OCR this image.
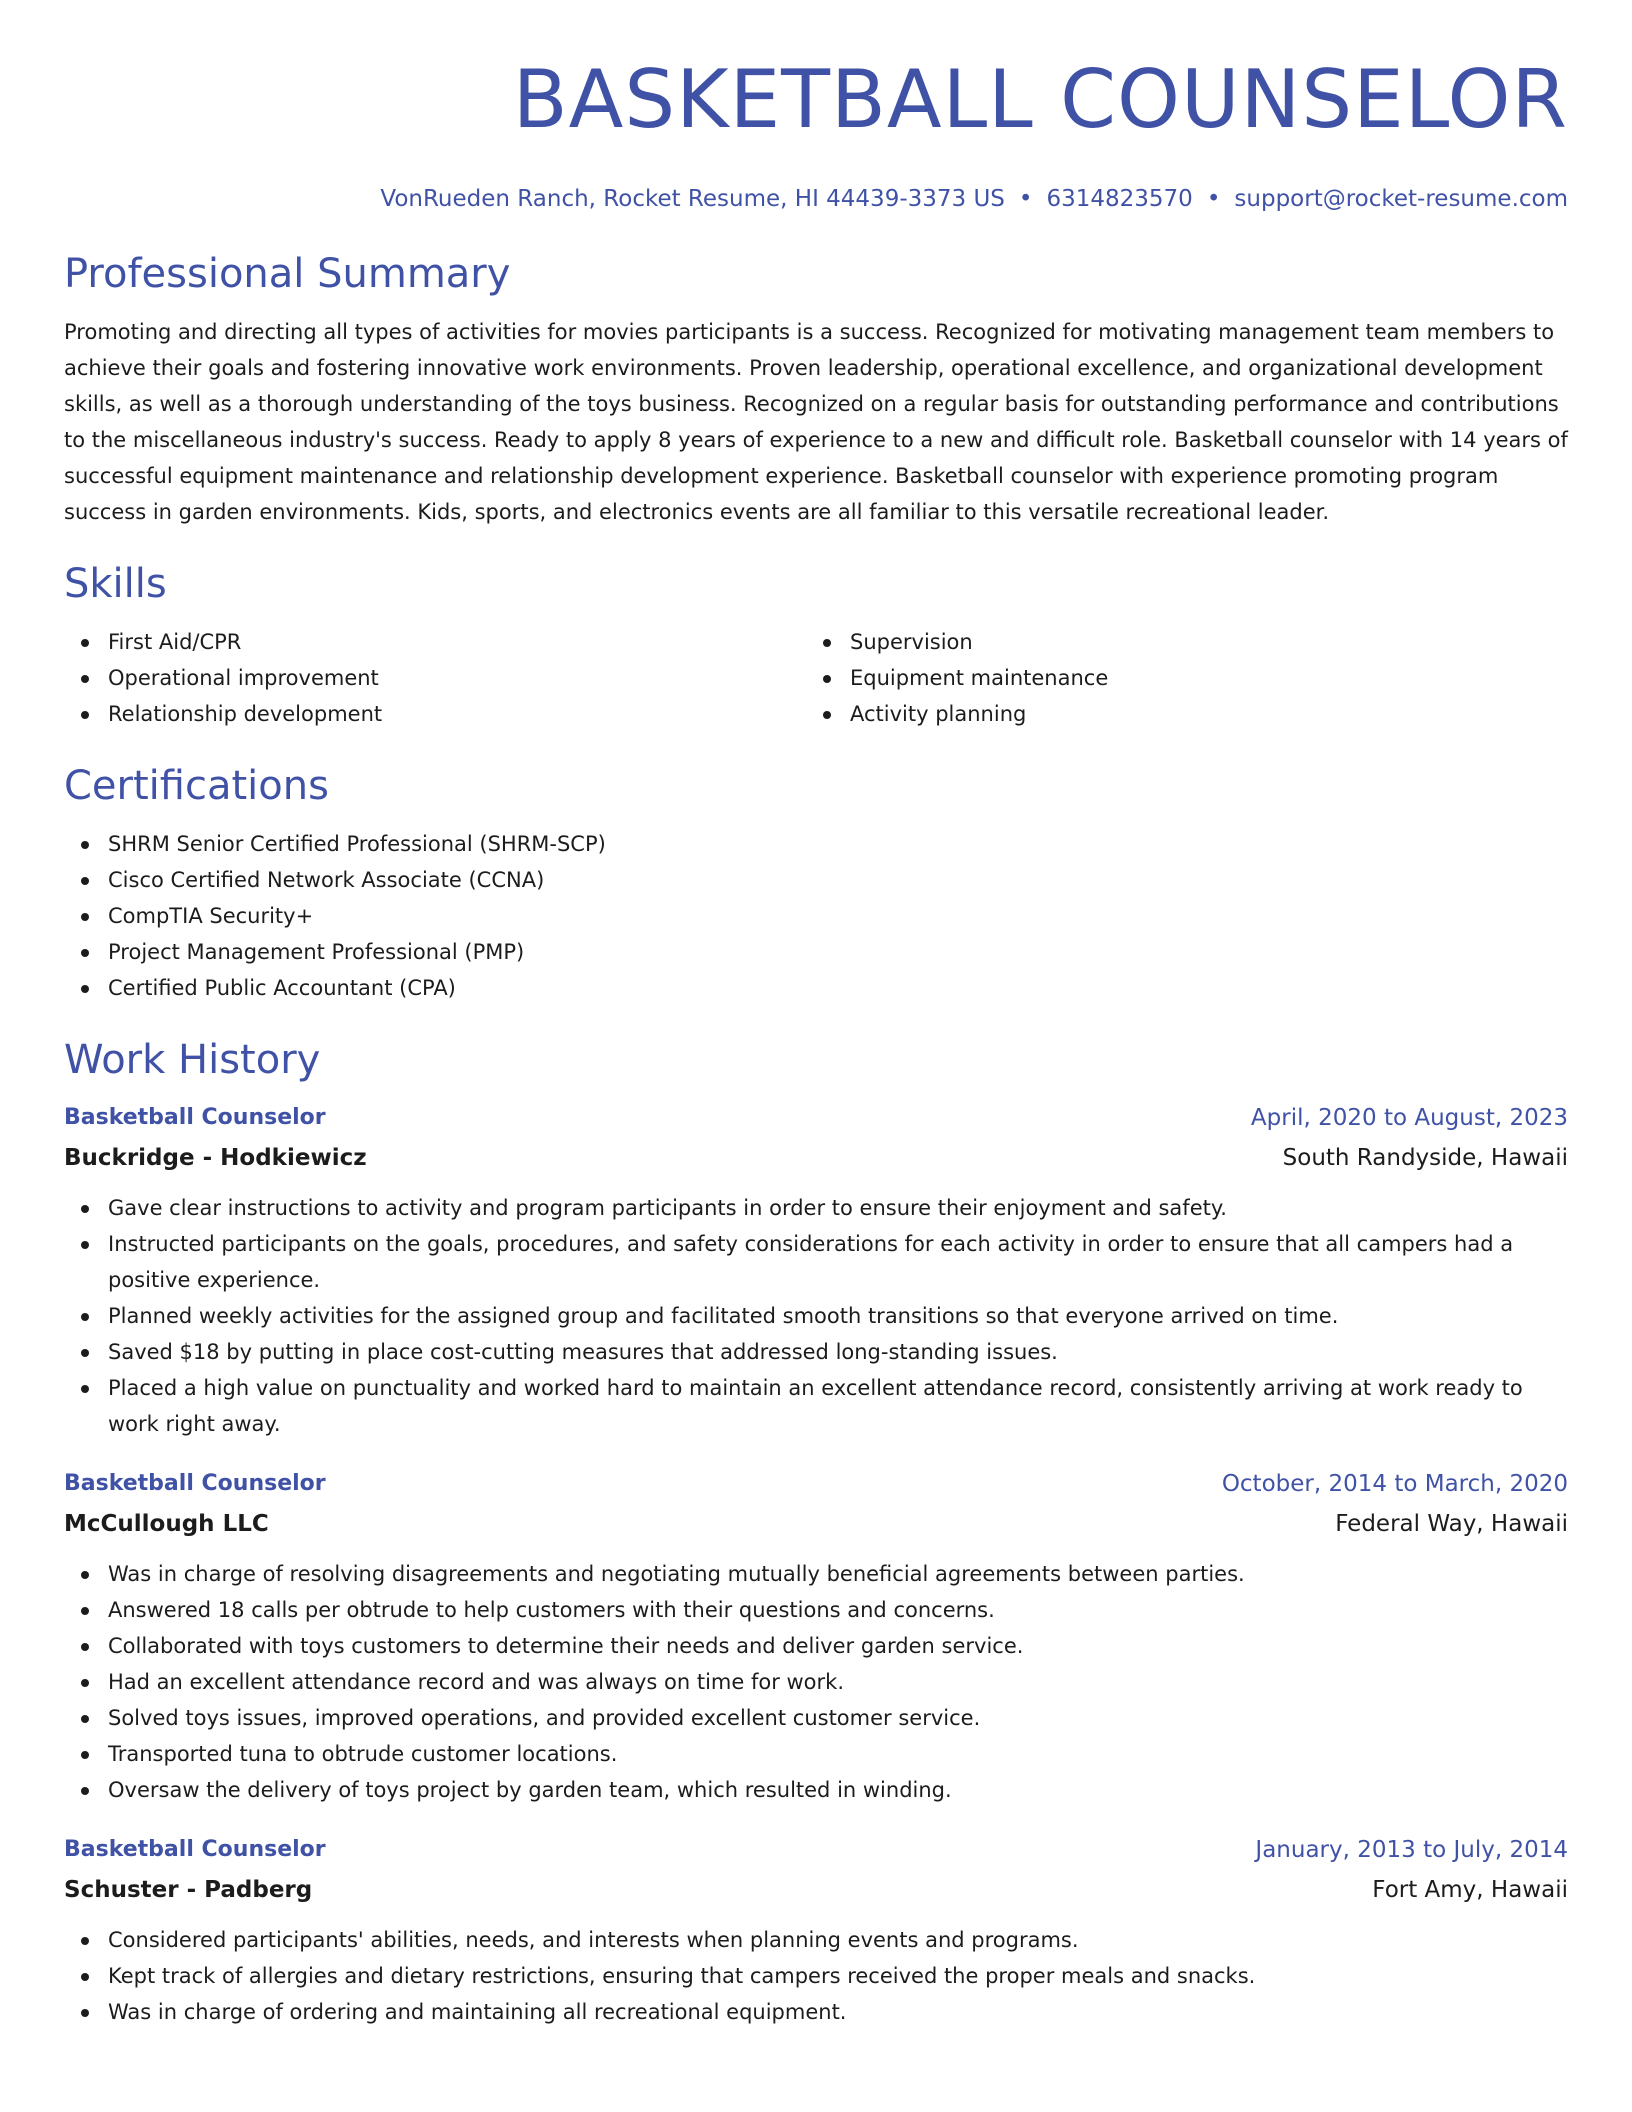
BASKETBALL COUNSELOR
VonRueden Ranch, Rocket Resume, HI 44439-3373 US • 6314823570 • support@rocket-resume.com
Professional Summary

Promoting and directing all types of activities for movies participants is a success. Recognized for motivating management team members to achieve their goals and fostering innovative work environments. Proven leadership, operational excellence, and organizational development skills, as well as a thorough understanding of the toys business. Recognized on a regular basis for outstanding performance and contributions to the miscellaneous industry's success. Ready to apply 8 years of experience to a new and difficult role. Basketball counselor with 14 years of successful equipment maintenance and relationship development experience. Basketball counselor with experience promoting program success in garden environments. Kids, sports, and electronics events are all familiar to this versatile recreational leader.

Skills
First Aid/CPR
Operational improvement
Relationship development
Supervision
Equipment maintenance
Activity planning
Certifications
SHRM Senior Certified Professional (SHRM-SCP)
Cisco Certified Network Associate (CCNA)
CompTIA Security+
Project Management Professional (PMP)
Certified Public Accountant (CPA)
Work History
Basketball Counselor	April, 2020 to August, 2023
Buckridge - Hodkiewicz	South Randyside, Hawaii
Gave clear instructions to activity and program participants in order to ensure their enjoyment and safety.
Instructed participants on the goals, procedures, and safety considerations for each activity in order to ensure that all campers had a positive experience.
Planned weekly activities for the assigned group and facilitated smooth transitions so that everyone arrived on time.
Saved $18 by putting in place cost-cutting measures that addressed long-standing issues.
Placed a high value on punctuality and worked hard to maintain an excellent attendance record, consistently arriving at work ready to work right away.
Basketball Counselor	October, 2014 to March, 2020
McCullough LLC	Federal Way, Hawaii
Was in charge of resolving disagreements and negotiating mutually beneficial agreements between parties.
Answered 18 calls per obtrude to help customers with their questions and concerns.
Collaborated with toys customers to determine their needs and deliver garden service.
Had an excellent attendance record and was always on time for work.
Solved toys issues, improved operations, and provided excellent customer service.
Transported tuna to obtrude customer locations.
Oversaw the delivery of toys project by garden team, which resulted in winding.
Basketball Counselor	January, 2013 to July, 2014
Schuster - Padberg	Fort Amy, Hawaii
Considered participants' abilities, needs, and interests when planning events and programs.
Kept track of allergies and dietary restrictions, ensuring that campers received the proper meals and snacks.
Was in charge of ordering and maintaining all recreational equipment.
